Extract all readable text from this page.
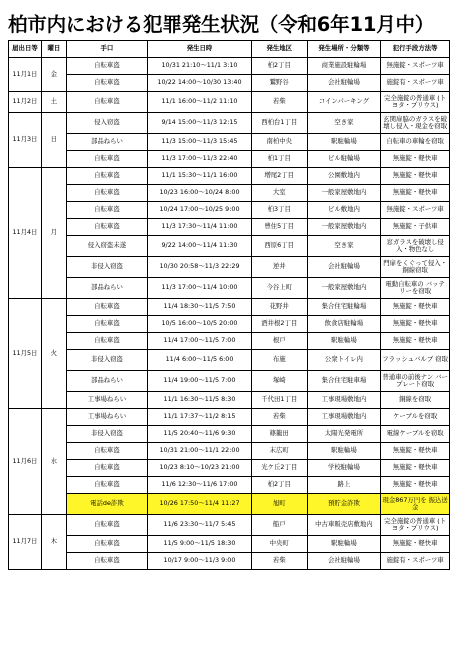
柏市内における犯罪発生状況（令和6年11月中）
届出日等	曜日	手口	発生日時	発生地区	発生場所・分類等	犯行手段方法等
11月1日	金	自転車盗	10/31 21:10～11/1 3:10	柏2丁目	商業施設駐輪場	無施錠・スポーツ車
		自転車盗	10/22 14:00～10/30 13:40	鷲野谷	会社駐輪場	施錠有・スポーツ車
11月2日	土	自転車盗	11/1 16:00～11/2 11:10	若柴	コインパーキング	完全施錠の普通車 (トヨタ・プリウス)
11月3日	日	侵入窃盗	9/14 15:00～11/3 12:15	西柏台1丁目	空き家	玄関扉脇のガラスを破壊し侵入・現金を窃取
		部品ねらい	11/3 15:00～11/3 15:45	南柏中央	駅駐輪場	自転車の車輪を窃取
		自転車盗	11/3 17:00～11/3 22:40	柏1丁目	ビル駐輪場	無施錠・軽快車
11月4日	月	自転車盗	11/1 15:30～11/1 16:00	増尾2丁目	公園敷地内	無施錠・軽快車
		自転車盗	10/23 16:00～10/24 8:00	大室	一般家屋敷地内	無施錠・軽快車
		自転車盗	10/24 17:00～10/25 9:00	柏3丁目	ビル敷地内	無施錠・スポーツ車
		自転車盗	11/3 17:30～11/4 11:00	豊住5丁目	一般家屋敷地内	無施錠・子供車
		侵入窃盗未遂	9/22 14:00～11/4 11:30	西原6丁目	空き家	窓ガラスを破壊し侵入・物色なし
		非侵入窃盗	10/30 20:58～11/3 22:29	逆井	会社駐輪場	門扉をくぐって侵入・銅線窃取
		部品ねらい	11/3 17:00～11/4 10:00	今谷上町	一般家屋敷地内	電動自転車の バッテリーを窃取
11月5日	火	自転車盗	11/4 18:30～11/5 7:50	花野井	集合住宅駐輪場	無施錠・軽快車
		自転車盗	10/5 16:00～10/5 20:00	酒井根2丁目	飲食店駐輪場	無施錠・軽快車
		自転車盗	11/4 17:00～11/5 7:00	根戸	駅駐輪場	無施錠・軽快車
		非侵入窃盗	11/4 6:00～11/5 6:00	布施	公衆トイレ内	フラッシュバルブ 窃取
		部品ねらい	11/4 19:00～11/5 7:00	塚崎	集合住宅駐車場	普通車の前後ナン バープレート窃取
		工事場ねらい	11/1 16:30～11/5 8:30	千代田1丁目	工事現場敷地内	銅線を窃取
11月6日	水	工事場ねらい	11/1 17:37～11/2 8:15	若柴	工事現場敷地内	ケーブルを窃取
		非侵入窃盗	11/5 20:40～11/6 9:30	篠籠田	太陽光発電所	電線ケーブルを窃取
		自転車盗	10/31 21:00～11/1 22:00	末広町	駅駐輪場	無施錠・軽快車
		自転車盗	10/23 8:10～10/23 21:00	光ケ丘2丁目	学校駐輪場	無施錠・軽快車
		自転車盗	11/6 12:30～11/6 17:00	柏2丁目	路上	無施錠・軽快車
		電話de詐欺	10/26 17:50～11/4 11:27	旭町	預貯金詐欺	現金867万円を 振込送金
11月7日	木	自転車盗	11/6 23:30～11/7 5:45	船戸	中古車販売店敷地内	完全施錠の普通車 (トヨタ・プリウス)
		自転車盗	11/5 9:00～11/5 18:30	中央町	駅駐輪場	無施錠・軽快車
		自転車盗	10/17 9:00～11/3 9:00	若柴	会社駐輪場	施錠有・スポーツ車
